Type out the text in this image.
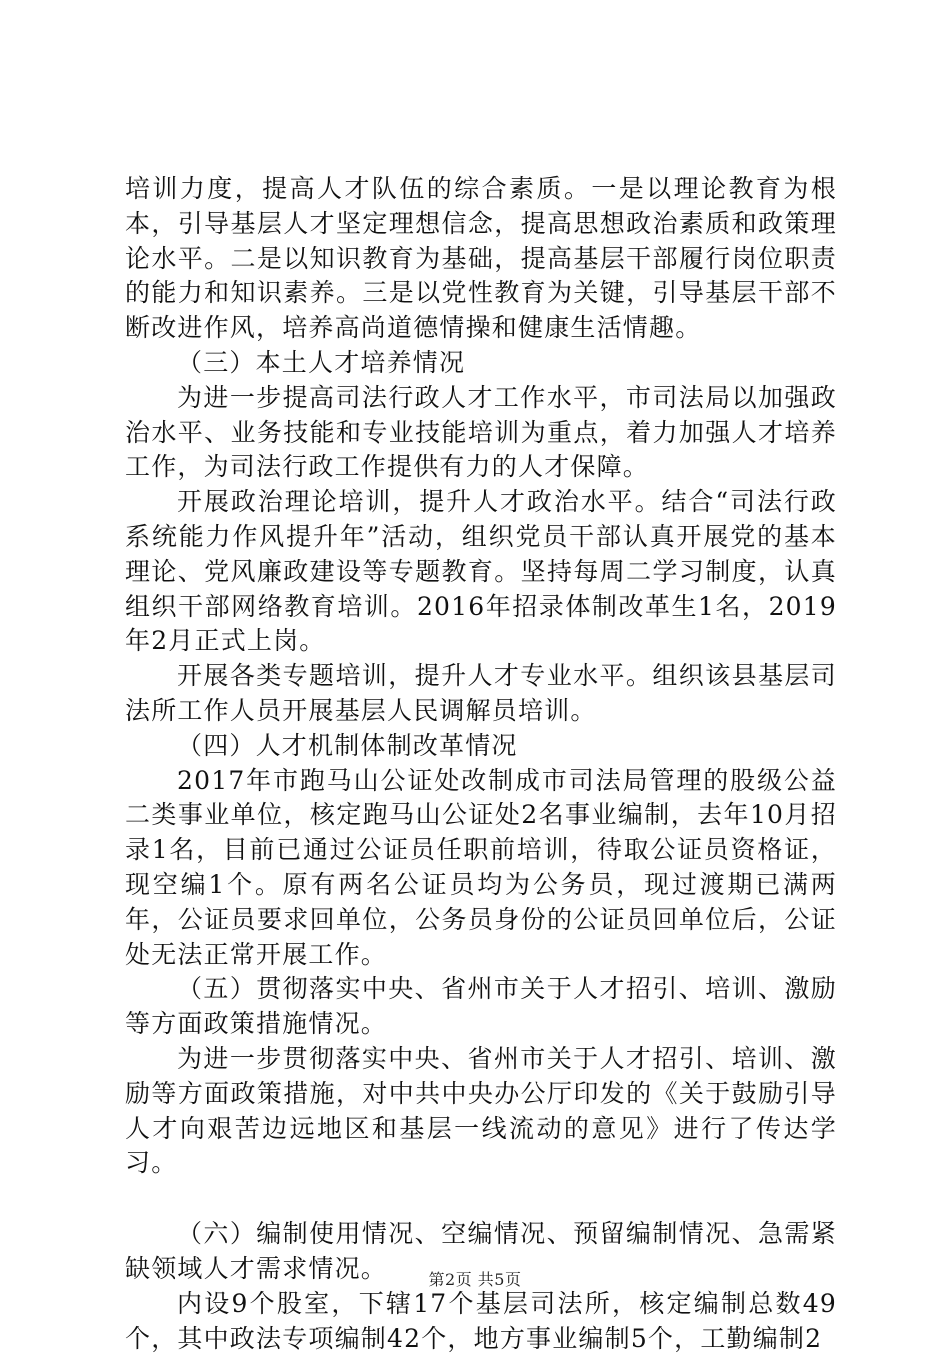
培训力度，提高人才队伍的综合素质。一是以理论教育为根本，引导基层人才坚定理想信念，提高思想政治素质和政策理论水平。二是以知识教育为基础，提高基层干部履行岗位职责的能力和知识素养。三是以党性教育为关键，引导基层干部不断改进作风，培养高尚道德情操和健康生活情趣。

（三）本土人才培养情况

为进一步提高司法行政人才工作水平，市司法局以加强政治水平、业务技能和专业技能培训为重点，着力加强人才培养工作，为司法行政工作提供有力的人才保障。

开展政治理论培训，提升人才政治水平。结合“司法行政系统能力作风提升年”活动，组织党员干部认真开展党的基本理论、党风廉政建设等专题教育。坚持每周二学习制度，认真组织干部网络教育培训。2016年招录体制改革生1名，2019年2月正式上岗。

开展各类专题培训，提升人才专业水平。组织该县基层司法所工作人员开展基层人民调解员培训。

（四）人才机制体制改革情况

2017年市跑马山公证处改制成市司法局管理的股级公益二类事业单位，核定跑马山公证处2名事业编制，去年10月招录1名，目前已通过公证员任职前培训，待取公证员资格证，现空编1个。原有两名公证员均为公务员，现过渡期已满两年，公证员要求回单位，公务员身份的公证员回单位后，公证处无法正常开展工作。

（五）贯彻落实中央、省州市关于人才招引、培训、激励等方面政策措施情况。

为进一步贯彻落实中央、省州市关于人才招引、培训、激励等方面政策措施，对中共中央办公厅印发的《关于鼓励引导人才向艰苦边远地区和基层一线流动的意见》进行了传达学习。

（六）编制使用情况、空编情况、预留编制情况、急需紧缺领域人才需求情况。

内设9个股室，下辖17个基层司法所，核定编制总数49个，其中政法专项编制42个，地方事业编制5个，工勤编制2

第2页 共5页
